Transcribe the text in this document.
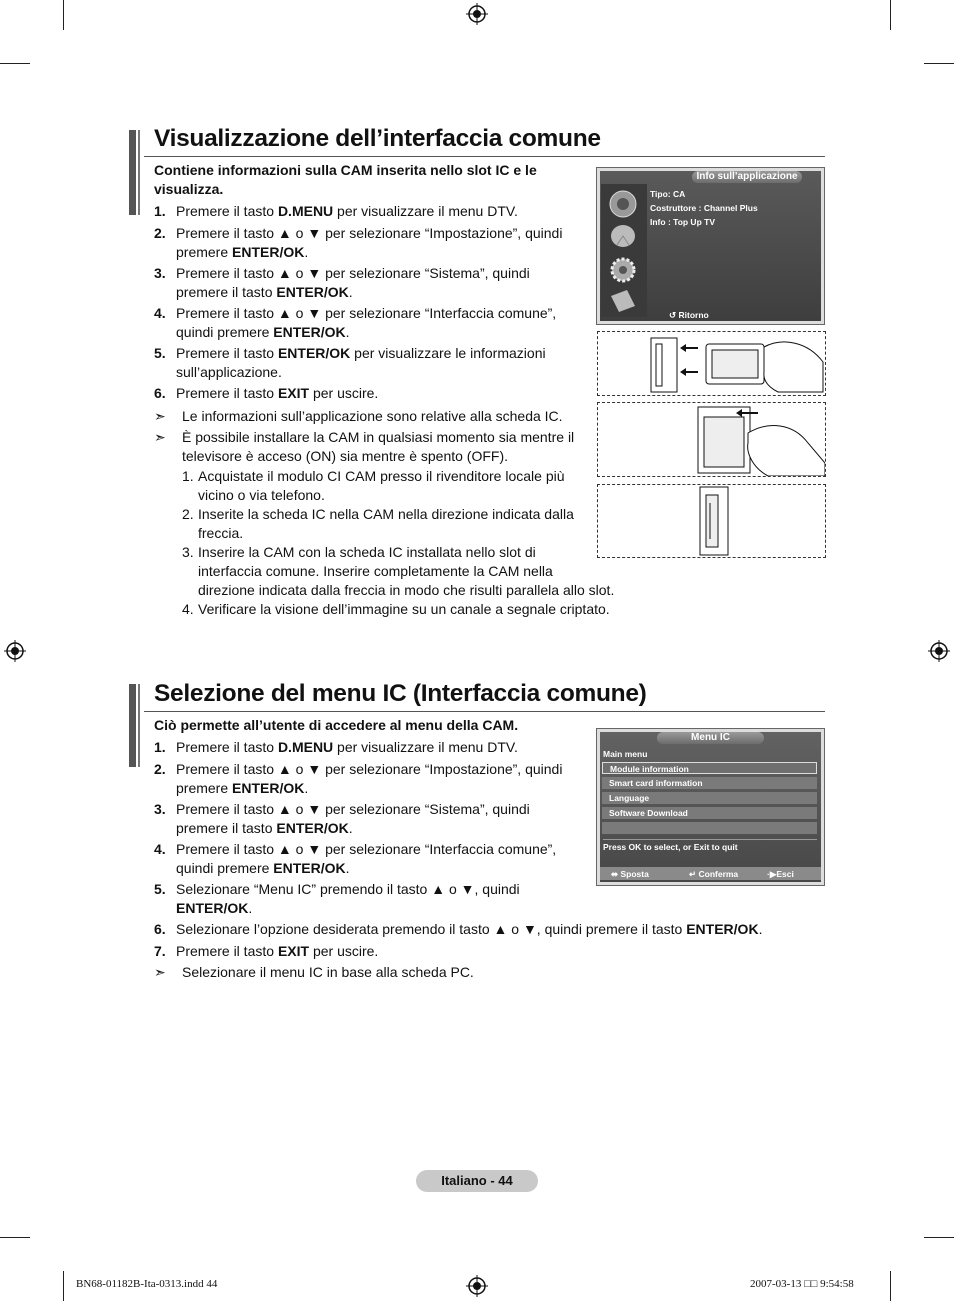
Visualizzazione dell’interfaccia comune
Contiene informazioni sulla CAM inserita nello slot IC e le visualizza.
1. Premere il tasto D.MENU per visualizzare il menu DTV.
2. Premere il tasto ▲ o ▼ per selezionare “Impostazione”, quindi
premere ENTER/OK.
3. Premere il tasto ▲ o ▼ per selezionare “Sistema”, quindi
premere il tasto ENTER/OK.
4. Premere il tasto ▲ o ▼ per selezionare “Interfaccia comune”,
quindi premere ENTER/OK.
5. Premere il tasto ENTER/OK per visualizzare le informazioni
sull’applicazione.
6. Premere il tasto EXIT per uscire.
➣ Le informazioni sull’applicazione sono relative alla scheda IC.
➣ È possibile installare la CAM in qualsiasi momento sia mentre il
televisore è acceso (ON) sia mentre è spento (OFF).
1. Acquistate il modulo CI CAM presso il rivenditore locale più
vicino o via telefono.
2. Inserite la scheda IC nella CAM nella direzione indicata dalla
freccia.
3. Inserire la CAM con la scheda IC installata nello slot di
interfaccia comune. Inserire completamente la CAM nella
direzione indicata dalla freccia in modo che risulti parallela allo slot.
4. Verificare la visione dell’immagine su un canale a segnale criptato.
Info sull’applicazione
↺ Ritorno
Tipo: CA
Costruttore : Channel Plus
Info : Top Up TV
Selezione del menu IC (Interfaccia comune)
Ciò permette all’utente di accedere al menu della CAM.
1. Premere il tasto D.MENU per visualizzare il menu DTV.
2. Premere il tasto ▲ o ▼ per selezionare “Impostazione”, quindi
premere ENTER/OK.
3. Premere il tasto ▲ o ▼ per selezionare “Sistema”, quindi
premere il tasto ENTER/OK.
4. Premere il tasto ▲ o ▼ per selezionare “Interfaccia comune”,
quindi premere ENTER/OK.
5. Selezionare “Menu IC” premendo il tasto ▲ o ▼, quindi
ENTER/OK.
6. Selezionare l’opzione desiderata premendo il tasto ▲ o ▼, quindi premere il tasto ENTER/OK.
7. Premere il tasto EXIT per uscire.
➣ Selezionare il menu IC in base alla scheda PC.
Menu IC
Main menu
Press OK to select, or Exit to quit
⬌ Sposta	↵ Conferma	·▶Esci
Module information
Smart card information
Language
Software Download
Italiano - 44
BN68-01182B-Ita-0313.indd 44	2007-03-13 □□ 9:54:58
